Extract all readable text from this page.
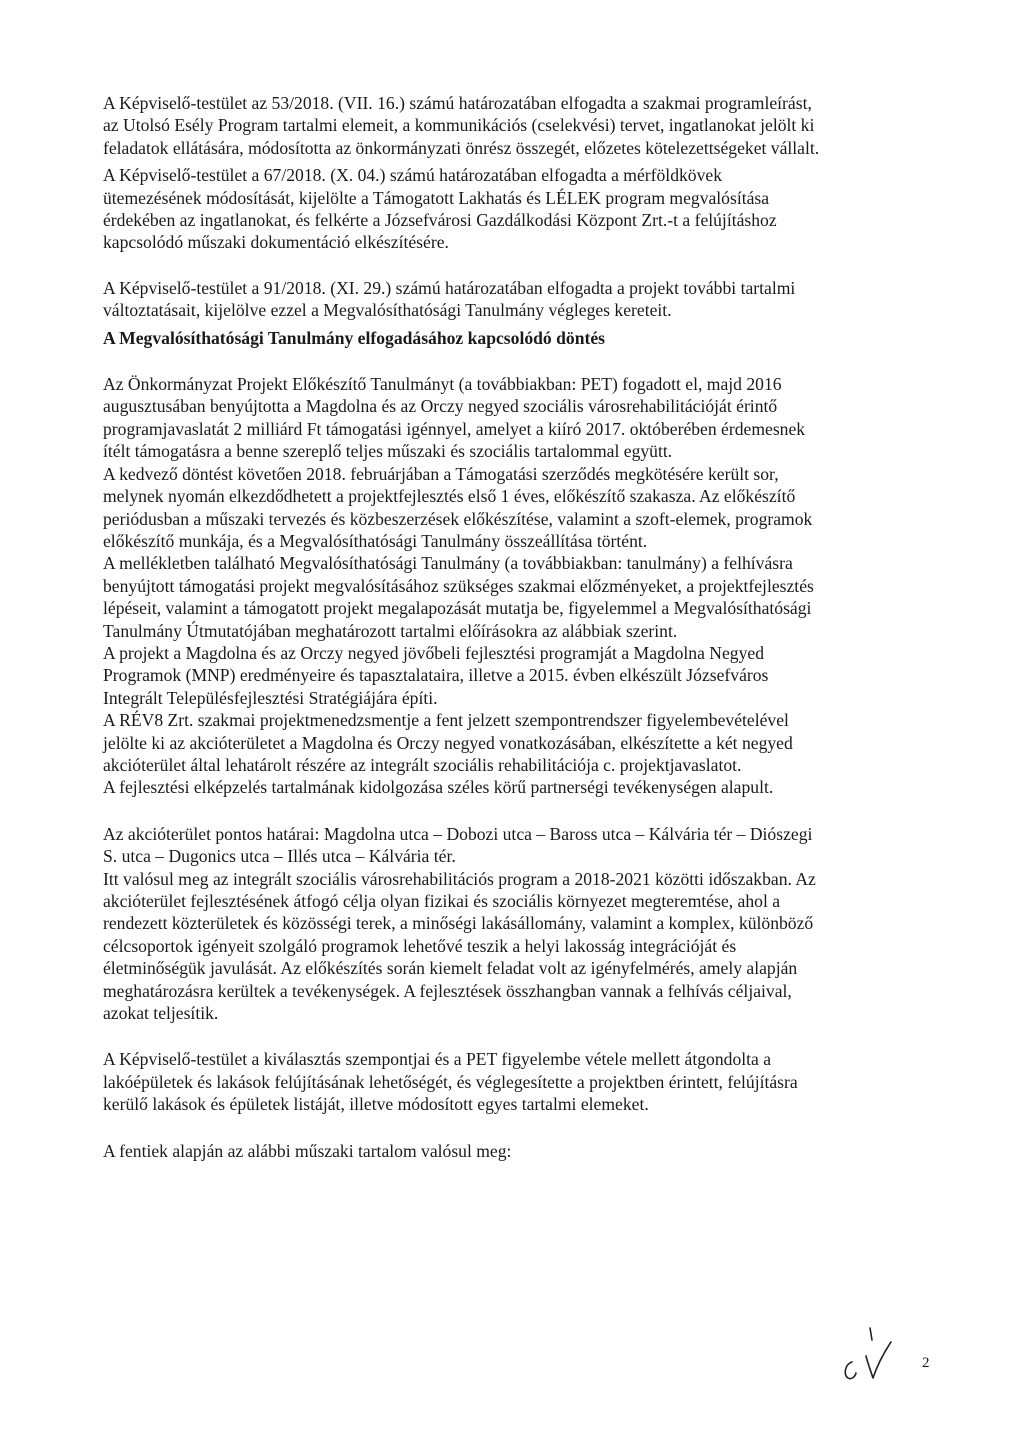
A Képviselő-testület az 53/2018. (VII. 16.) számú határozatában elfogadta a szakmai programleírást,
az Utolsó Esély Program tartalmi elemeit, a kommunikációs (cselekvési) tervet, ingatlanokat jelölt ki
feladatok ellátására, módosította az önkormányzati önrész összegét, előzetes kötelezettségeket vállalt.

A Képviselő-testület a 67/2018. (X. 04.) számú határozatában elfogadta a mérföldkövek
ütemezésének módosítását, kijelölte a Támogatott Lakhatás és LÉLEK program megvalósítása
érdekében az ingatlanokat, és felkérte a Józsefvárosi Gazdálkodási Központ Zrt.-t a felújításhoz
kapcsolódó műszaki dokumentáció elkészítésére.

A Képviselő-testület a 91/2018. (XI. 29.) számú határozatában elfogadta a projekt további tartalmi
változtatásait, kijelölve ezzel a Megvalósíthatósági Tanulmány végleges kereteit.

A Megvalósíthatósági Tanulmány elfogadásához kapcsolódó döntés

Az Önkormányzat Projekt Előkészítő Tanulmányt (a továbbiakban: PET) fogadott el, majd 2016
augusztusában benyújtotta a Magdolna és az Orczy negyed szociális városrehabilitációját érintő
programjavaslatát 2 milliárd Ft támogatási igénnyel, amelyet a kiíró 2017. októberében érdemesnek
ítélt támogatásra a benne szereplő teljes műszaki és szociális tartalommal együtt.
A kedvező döntést követően 2018. februárjában a Támogatási szerződés megkötésére került sor,
melynek nyomán elkezdődhetett a projektfejlesztés első 1 éves, előkészítő szakasza. Az előkészítő
periódusban a műszaki tervezés és közbeszerzések előkészítése, valamint a szoft-elemek, programok
előkészítő munkája, és a Megvalósíthatósági Tanulmány összeállítása történt.
A mellékletben található Megvalósíthatósági Tanulmány (a továbbiakban: tanulmány) a felhívásra
benyújtott támogatási projekt megvalósításához szükséges szakmai előzményeket, a projektfejlesztés
lépéseit, valamint a támogatott projekt megalapozását mutatja be, figyelemmel a Megvalósíthatósági
Tanulmány Útmutatójában meghatározott tartalmi előírásokra az alábbiak szerint.
A projekt a Magdolna és az Orczy negyed jövőbeli fejlesztési programját a Magdolna Negyed
Programok (MNP) eredményeire és tapasztalataira, illetve a 2015. évben elkészült Józsefváros
Integrált Településfejlesztési Stratégiájára építi.
A RÉV8 Zrt. szakmai projektmenedzsmentje a fent jelzett szempontrendszer figyelembevételével
jelölte ki az akcióterületet a Magdolna és Orczy negyed vonatkozásában, elkészítette a két negyed
akcióterület által lehatárolt részére az integrált szociális rehabilitációja c. projektjavaslatot.
A fejlesztési elképzelés tartalmának kidolgozása széles körű partnerségi tevékenységen alapult.

Az akcióterület pontos határai: Magdolna utca – Dobozi utca – Baross utca – Kálvária tér – Diószegi
S. utca – Dugonics utca – Illés utca – Kálvária tér.
Itt valósul meg az integrált szociális városrehabilitációs program a 2018-2021 közötti időszakban. Az
akcióterület fejlesztésének átfogó célja olyan fizikai és szociális környezet megteremtése, ahol a
rendezett közterületek és közösségi terek, a minőségi lakásállomány, valamint a komplex, különböző
célcsoportok igényeit szolgáló programok lehetővé teszik a helyi lakosság integrációját és
életminőségük javulását. Az előkészítés során kiemelt feladat volt az igényfelmérés, amely alapján
meghatározásra kerültek a tevékenységek. A fejlesztések összhangban vannak a felhívás céljaival,
azokat teljesítik.

A Képviselő-testület a kiválasztás szempontjai és a PET figyelembe vétele mellett átgondolta a
lakóépületek és lakások felújításának lehetőségét, és véglegesítette a projektben érintett, felújításra
kerülő lakások és épületek listáját, illetve módosított egyes tartalmi elemeket.

A fentiek alapján az alábbi műszaki tartalom valósul meg:

2
